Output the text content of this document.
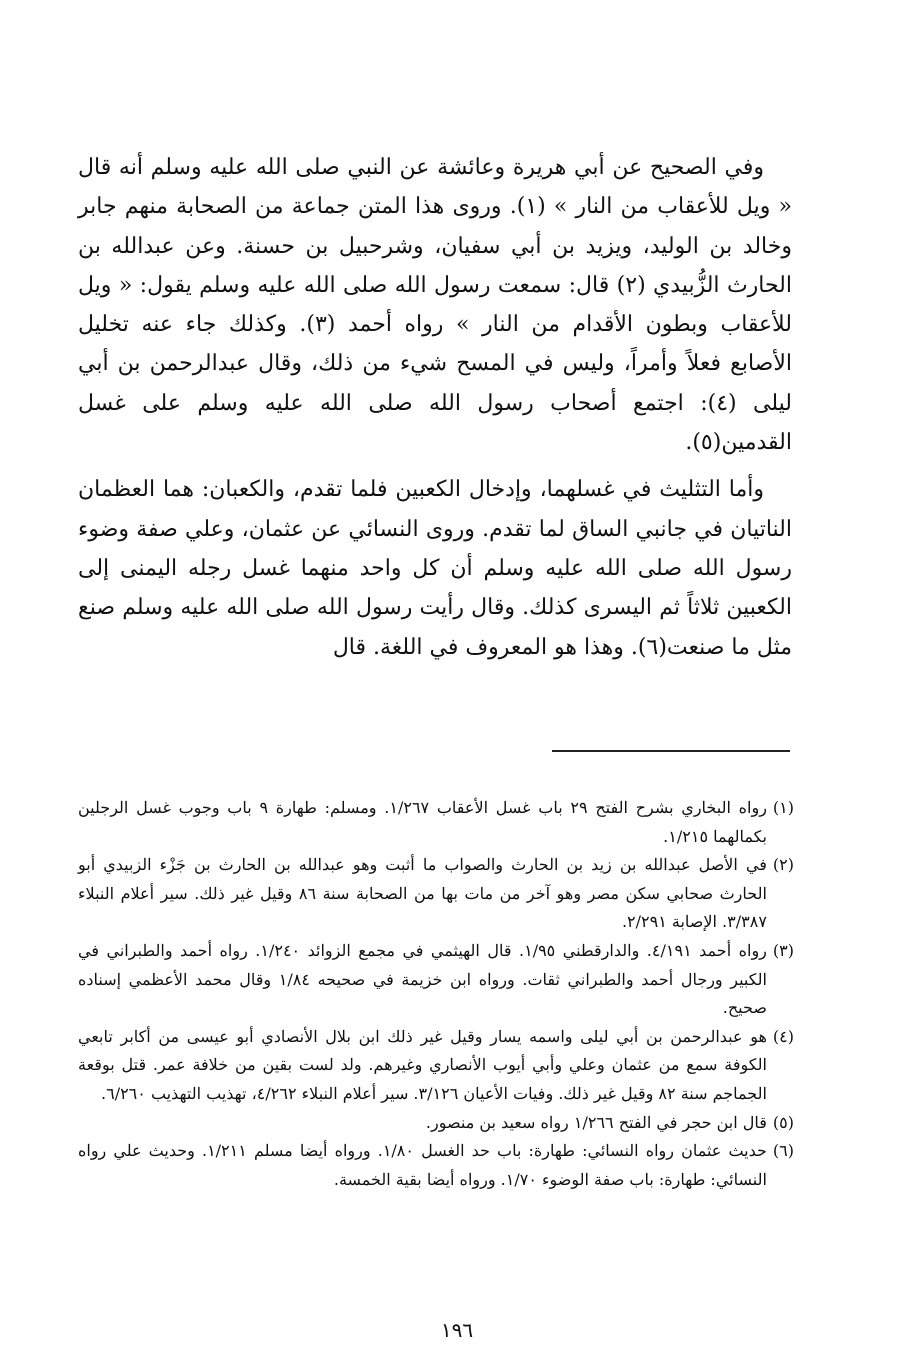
وفي الصحيح عن أبي هريرة وعائشة عن النبي صلى الله عليه وسلم أنه قال « ويل للأعقاب من النار » (١). وروى هذا المتن جماعة من الصحابة منهم جابر وخالد بن الوليد، ويزيد بن أبي سفيان، وشرحبيل بن حسنة. وعن عبدالله بن الحارث الزُّبيدي (٢) قال: سمعت رسول الله صلى الله عليه وسلم يقول: « ويل للأعقاب وبطون الأقدام من النار » رواه أحمد (٣). وكذلك جاء عنه تخليل الأصابع فعلاً وأمراً، وليس في المسح شيء من ذلك، وقال عبدالرحمن بن أبي ليلى (٤): اجتمع أصحاب رسول الله صلى الله عليه وسلم على غسل القدمين(٥).

وأما التثليث في غسلهما، وإدخال الكعبين فلما تقدم، والكعبان: هما العظمان الناتيان في جانبي الساق لما تقدم. وروى النسائي عن عثمان، وعلي صفة وضوء رسول الله صلى الله عليه وسلم أن كل واحد منهما غسل رجله اليمنى إلى الكعبين ثلاثاً ثم اليسرى كذلك. وقال رأيت رسول الله صلى الله عليه وسلم صنع مثل ما صنعت(٦). وهذا هو المعروف في اللغة. قال

(١)
رواه البخاري بشرح الفتح ٢٩ باب غسل الأعقاب ١/٢٦٧. ومسلم: طهارة ٩ باب وجوب غسل الرجلين بكمالهما ١/٢١٥.
(٢)
في الأصل عبدالله بن زيد بن الحارث والصواب ما أثبت وهو عبدالله بن الحارث بن جَزْء الزبيدي أبو الحارث صحابي سكن مصر وهو آخر من مات بها من الصحابة سنة ٨٦ وقيل غير ذلك. سير أعلام النبلاء ٣/٣٨٧. الإصابة ٢/٢٩١.
(٣)
رواه أحمد ٤/١٩١. والدارقطني ١/٩٥. قال الهيثمي في مجمع الزوائد ١/٢٤٠. رواه أحمد والطبراني في الكبير ورجال أحمد والطبراني ثقات. ورواه ابن خزيمة في صحيحه ١/٨٤ وقال محمد الأعظمي إسناده صحيح.
(٤)
هو عبدالرحمن بن أبي ليلى واسمه يسار وقيل غير ذلك ابن بلال الأنصادي أبو عيسى من أكابر تابعي الكوفة سمع من عثمان وعلي وأبي أيوب الأنصاري وغيرهم. ولد لست بقين من خلافة عمر. قتل بوقعة الجماجم سنة ٨٢ وقيل غير ذلك. وفيات الأعيان ٣/١٢٦. سير أعلام النبلاء ٤/٢٦٢، تهذيب التهذيب ٦/٢٦٠.
(٥)
قال ابن حجر في الفتح ١/٢٦٦ رواه سعيد بن منصور.
(٦)
حديث عثمان رواه النسائي: طهارة: باب حد الغسل ١/٨٠. ورواه أيضا مسلم ١/٢١١. وحديث علي رواه النسائي: طهارة: باب صفة الوضوء ١/٧٠. ورواه أيضا بقية الخمسة.
١٩٦
